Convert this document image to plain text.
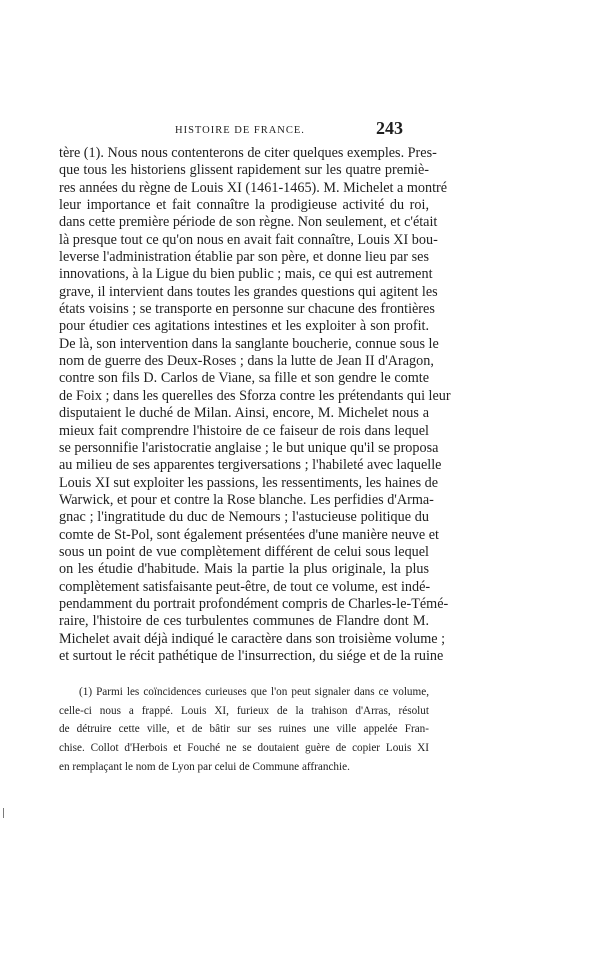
HISTOIRE DE FRANCE.	243
tère (1). Nous nous contenterons de citer quelques exemples. Pres-
que tous les historiens glissent rapidement sur les quatre premiè-
res années du règne de Louis XI (1461-1465). M. Michelet a montré
leur importance et fait connaître la prodigieuse activité du roi,
dans cette première période de son règne. Non seulement, et c'était
là presque tout ce qu'on nous en avait fait connaître, Louis XI bou-
leverse l'administration établie par son père, et donne lieu par ses
innovations, à la Ligue du bien public ; mais, ce qui est autrement
grave, il intervient dans toutes les grandes questions qui agitent les
états voisins ; se transporte en personne sur chacune des frontières
pour étudier ces agitations intestines et les exploiter à son profit.
De là, son intervention dans la sanglante boucherie, connue sous le
nom de guerre des Deux-Roses ; dans la lutte de Jean II d'Aragon,
contre son fils D. Carlos de Viane, sa fille et son gendre le comte
de Foix ; dans les querelles des Sforza contre les prétendants qui leur
disputaient le duché de Milan. Ainsi, encore, M. Michelet nous a
mieux fait comprendre l'histoire de ce faiseur de rois dans lequel
se personnifie l'aristocratie anglaise ; le but unique qu'il se proposa
au milieu de ses apparentes tergiversations ; l'habileté avec laquelle
Louis XI sut exploiter les passions, les ressentiments, les haines de
Warwick, et pour et contre la Rose blanche. Les perfidies d'Arma-
gnac ; l'ingratitude du duc de Nemours ; l'astucieuse politique du
comte de St-Pol, sont également présentées d'une manière neuve et
sous un point de vue complètement différent de celui sous lequel
on les étudie d'habitude. Mais la partie la plus originale, la plus
complètement satisfaisante peut-être, de tout ce volume, est indé-
pendamment du portrait profondément compris de Charles-le-Témé-
raire, l'histoire de ces turbulentes communes de Flandre dont M.
Michelet avait déjà indiqué le caractère dans son troisième volume ;
et surtout le récit pathétique de l'insurrection, du siége et de la ruine
(1) Parmi les coïncidences curieuses que l'on peut signaler dans ce volume,
celle-ci nous a frappé. Louis XI, furieux de la trahison d'Arras, résolut
de détruire cette ville, et de bâtir sur ses ruines une ville appelée Fran-
chise. Collot d'Herbois et Fouché ne se doutaient guère de copier Louis XI
en remplaçant le nom de Lyon par celui de Commune affranchie.
